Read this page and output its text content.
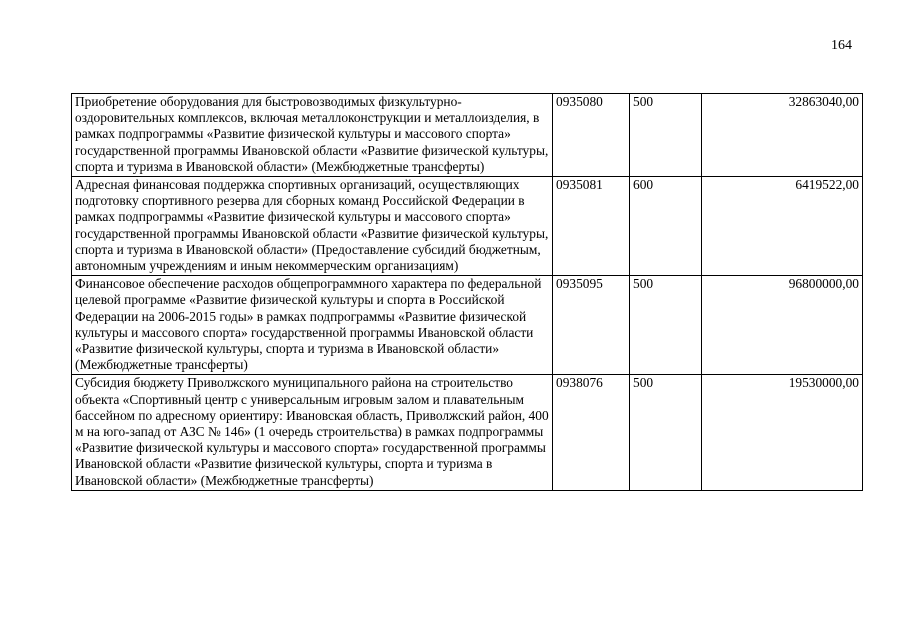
164
Приобретение оборудования для быстровозводимых физкультурно-оздоровительных комплексов, включая металлоконструкции и металлоизделия, в рамках подпрограммы «Развитие физической культуры и массового спорта» государственной программы Ивановской области «Развитие физической культуры, спорта и туризма в Ивановской области» (Межбюджетные трансферты)	0935080	500	32863040,00
Адресная финансовая поддержка спортивных организаций, осуществляющих подготовку спортивного резерва для сборных команд Российской Федерации в рамках подпрограммы «Развитие физической культуры и массового спорта» государственной программы Ивановской области «Развитие физической культуры, спорта и туризма в Ивановской области» (Предоставление субсидий бюджетным, автономным учреждениям и иным некоммерческим организациям)	0935081	600	6419522,00
Финансовое обеспечение расходов общепрограммного характера по федеральной целевой программе «Развитие физической культуры и спорта в Российской Федерации на 2006-2015 годы» в рамках подпрограммы «Развитие физической культуры и массового спорта» государственной программы Ивановской области «Развитие физической культуры, спорта и туризма в Ивановской области» (Межбюджетные трансферты)	0935095	500	96800000,00
Субсидия бюджету Приволжского муниципального района на строительство объекта «Спортивный центр с универсальным игровым залом и плавательным бассейном по адресному ориентиру: Ивановская область, Приволжский район, 400 м на юго-запад от АЗС № 146» (1 очередь строительства) в рамках подпрограммы «Развитие физической культуры и массового спорта» государственной программы Ивановской области «Развитие физической культуры, спорта и туризма в Ивановской области» (Межбюджетные трансферты)	0938076	500	19530000,00
